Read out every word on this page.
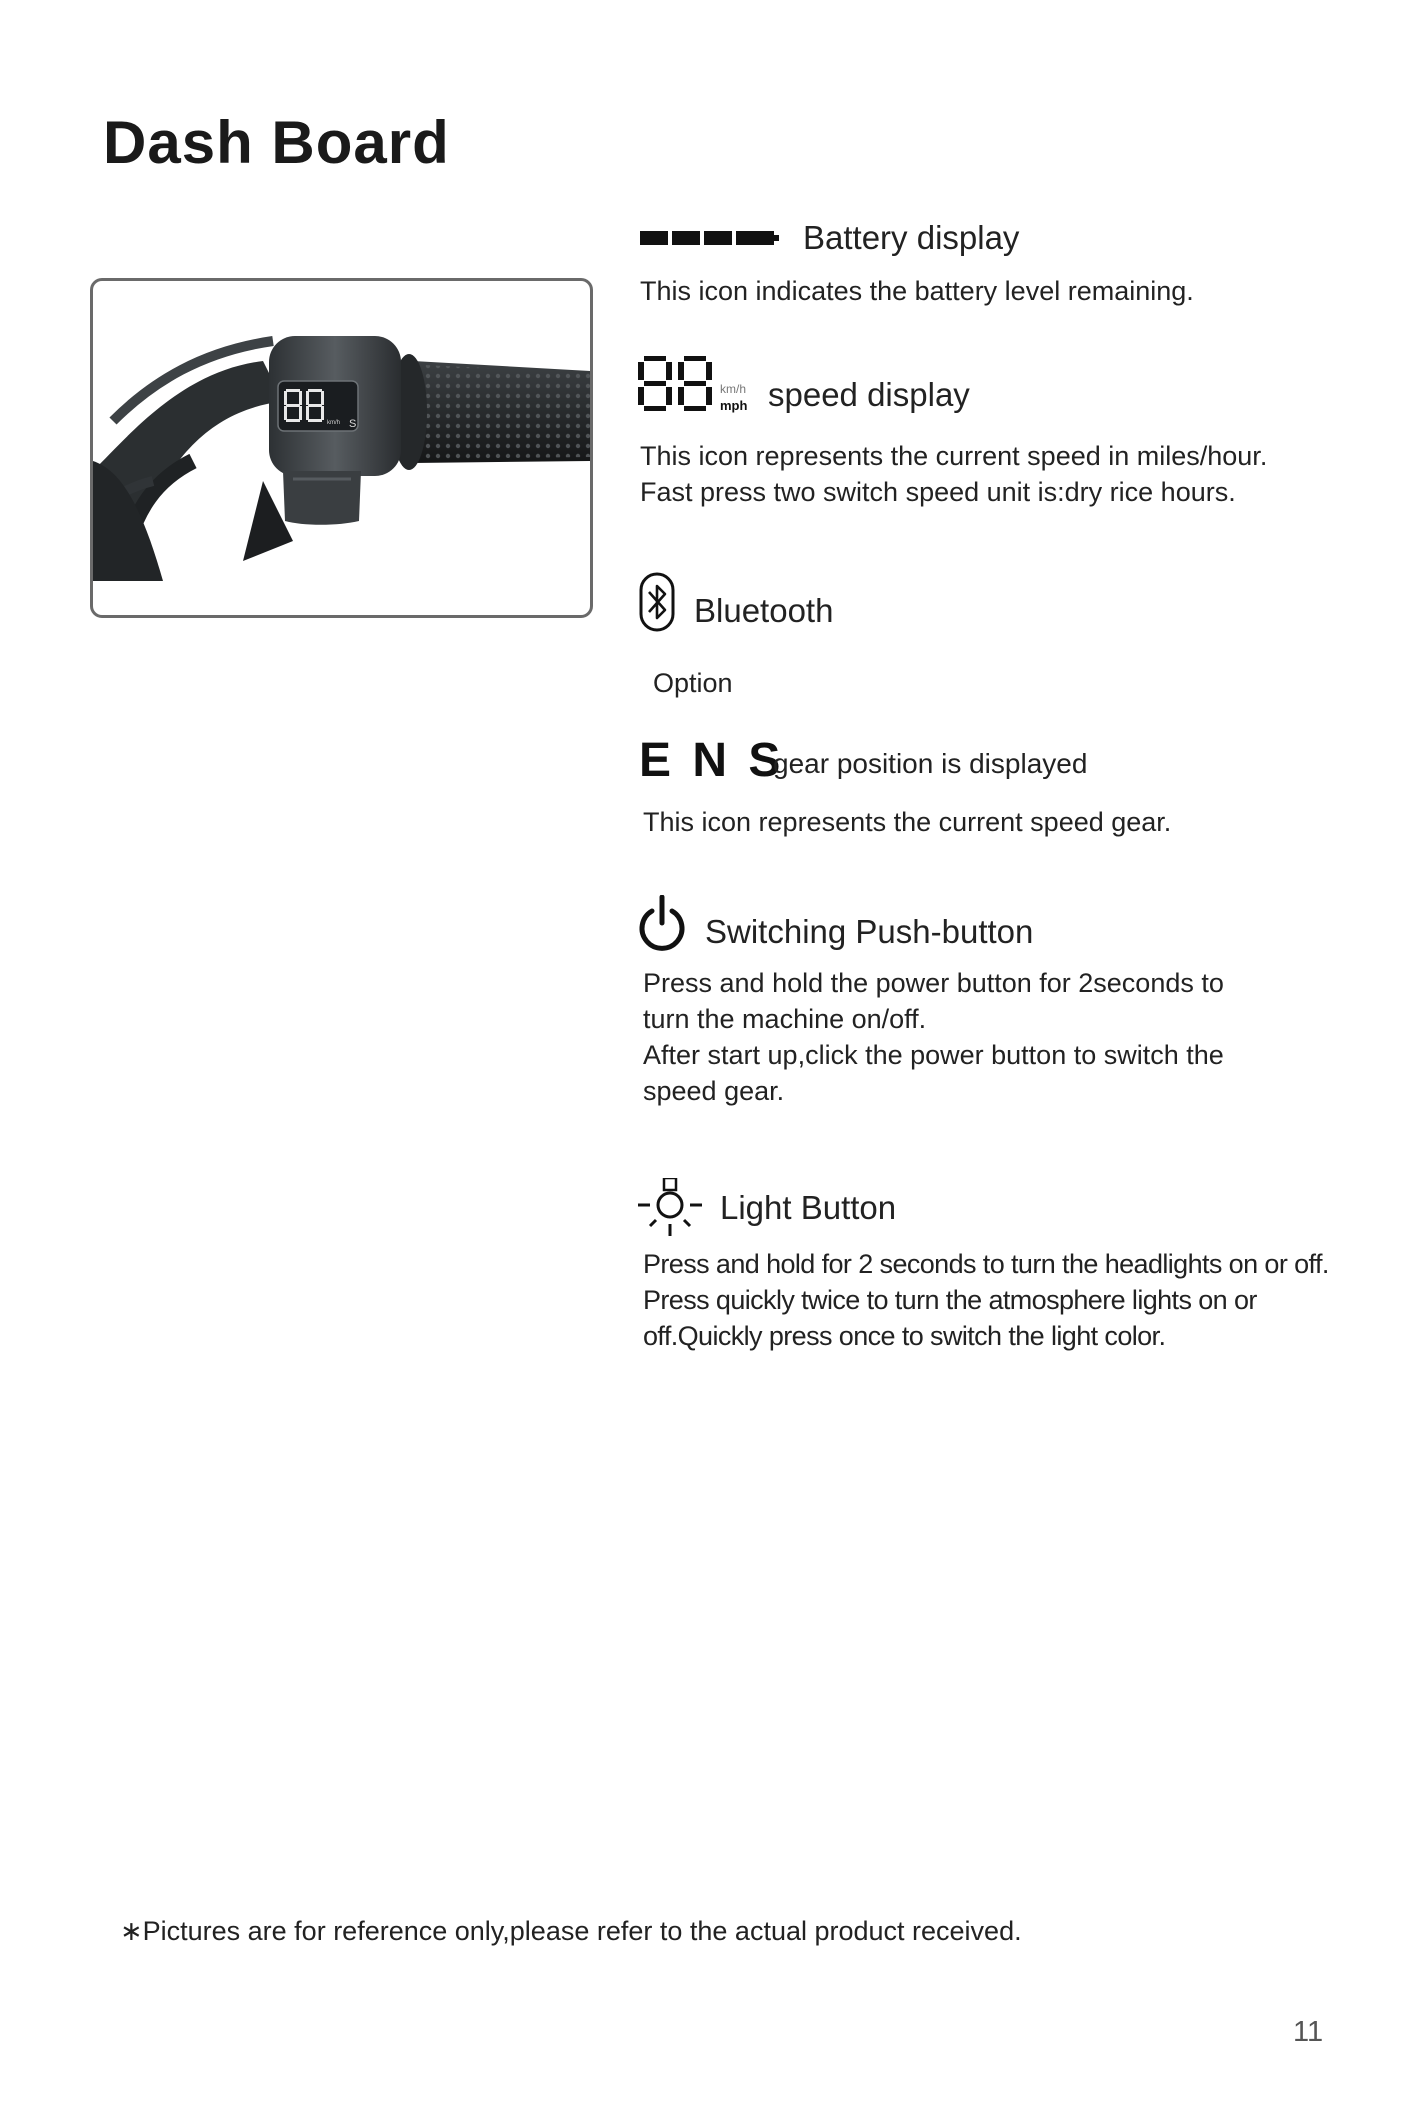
Dash Board
km/h S
Battery display
This icon indicates the battery level remaining.
km/h
mph speed display
This icon represents the current speed in miles/hour.
Fast press two switch speed unit is:dry rice hours.
Bluetooth
Option
E N S
gear position is displayed
This icon represents the current speed gear.
Switching Push-button
Press and hold the power button for 2seconds to
turn the machine on/off.
After start up,click the power button to switch the
speed gear.
Light Button
Press and hold for 2 seconds to turn the headlights on or off.
Press quickly twice to turn the atmosphere lights on or
off.Quickly press once to switch the light color.
∗Pictures are for reference only,please refer to the actual product received.
11
